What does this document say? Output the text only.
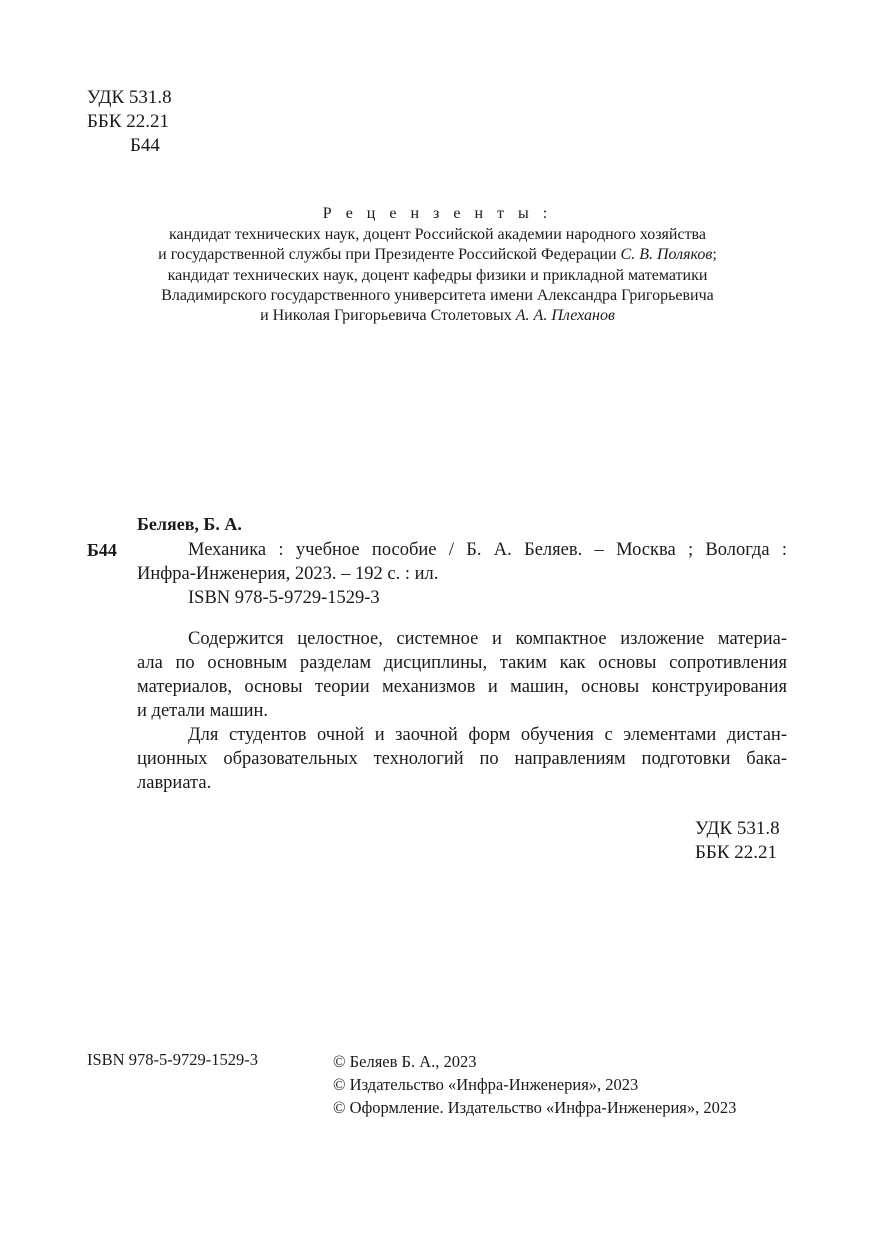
УДК 531.8
ББК 22.21
Б44
Р е ц е н з е н т ы :
кандидат технических наук, доцент Российской академии народного хозяйства
и государственной службы при Президенте Российской Федерации С. В. Поляков;
кандидат технических наук, доцент кафедры физики и прикладной математики
Владимирского государственного университета имени Александра Григорьевича
и Николая Григорьевича Столетовых А. А. Плеханов
Беляев, Б. А.
Б44	Механика : учебное пособие / Б. А. Беляев. – Москва ; Вологда :
Инфра-Инженерия, 2023. – 192 с. : ил.
ISBN 978-5-9729-1529-3

Содержится целостное, системное и компактное изложение материа-
ала по основным разделам дисциплины, таким как основы сопротивления
материалов, основы теории механизмов и машин, основы конструирования
и детали машин.

Для студентов очной и заочной форм обучения с элементами дистан-
ционных образовательных технологий по направлениям подготовки бака-
лавриата.

УДК 531.8
ББК 22.21
ISBN 978-5-9729-1529-3	© Беляев Б. А., 2023
© Издательство «Инфра-Инженерия», 2023
© Оформление. Издательство «Инфра-Инженерия», 2023
